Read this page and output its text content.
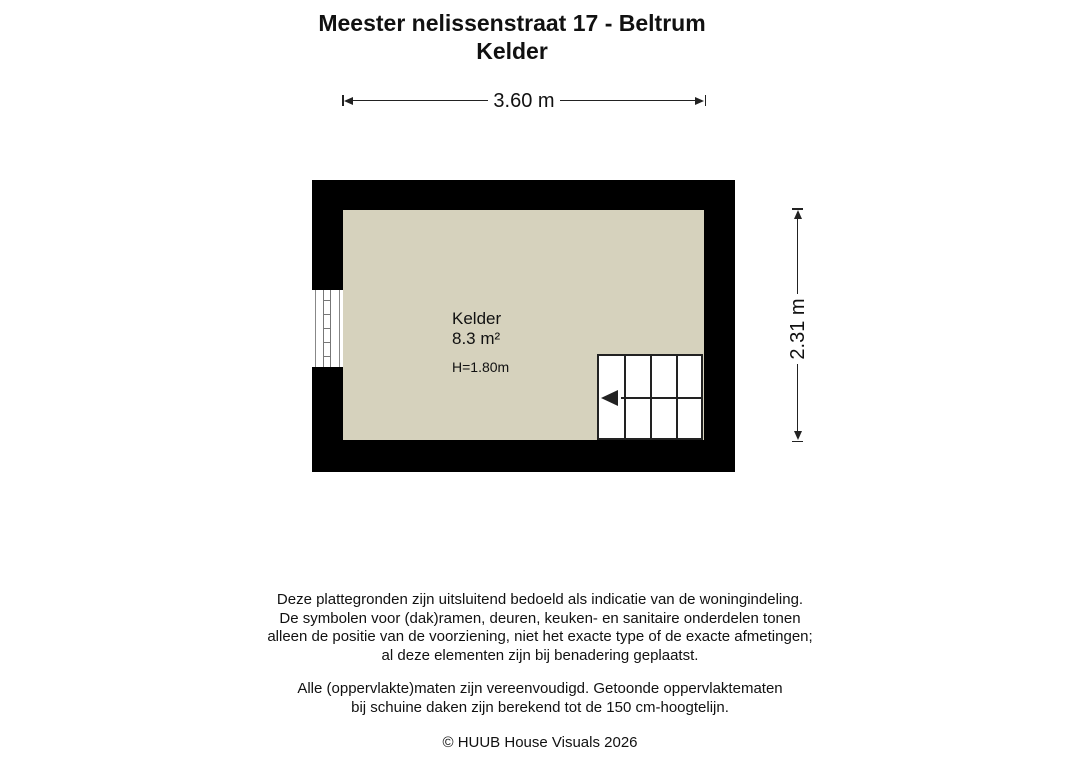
Meester nelissenstraat 17 - Beltrum
Kelder
3.60 m
2.31 m
Kelder
8.3 m²
H=1.80m
Deze plattegronden zijn uitsluitend bedoeld als indicatie van de woningindeling.
De symbolen voor (dak)ramen, deuren, keuken- en sanitaire onderdelen tonen
alleen de positie van de voorziening, niet het exacte type of de exacte afmetingen;
al deze elementen zijn bij benadering geplaatst.
Alle (oppervlakte)maten zijn vereenvoudigd. Getoonde oppervlaktematen
bij schuine daken zijn berekend tot de 150 cm-hoogtelijn.
© HUUB House Visuals 2026
